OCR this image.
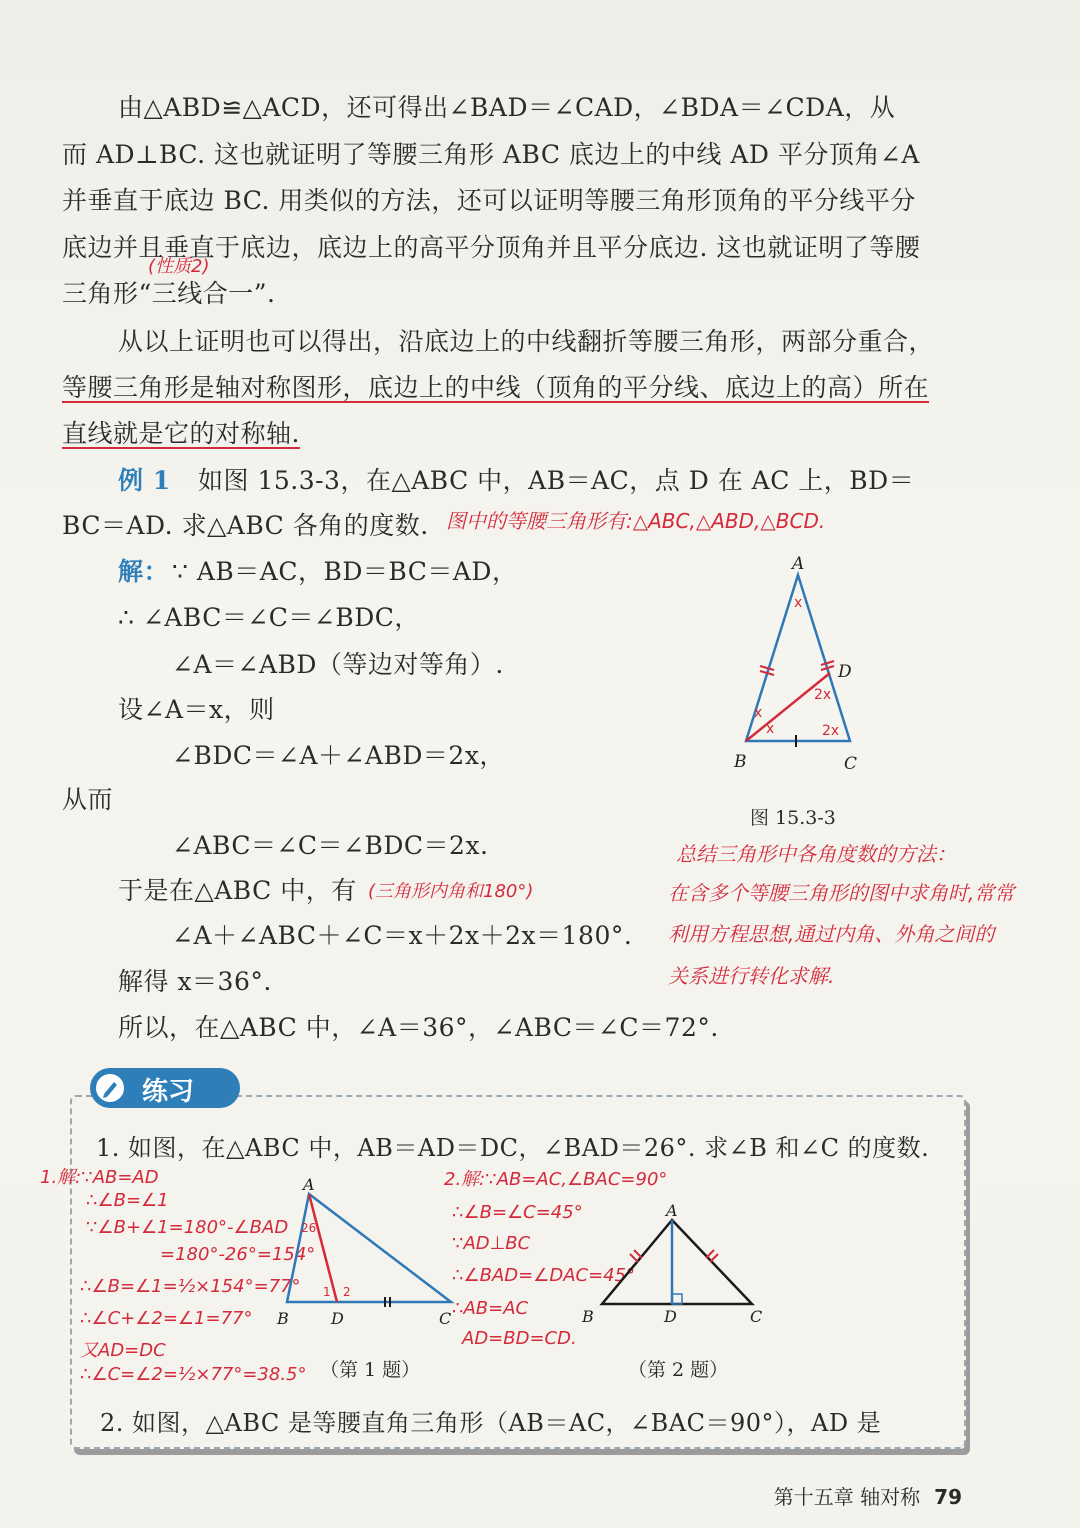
由△ABD≌△ACD，还可得出∠BAD＝∠CAD，∠BDA＝∠CDA，从
而 AD⊥BC. 这也就证明了等腰三角形 ABC 底边上的中线 AD 平分顶角∠A
并垂直于底边 BC. 用类似的方法，还可以证明等腰三角形顶角的平分线平分
底边并且垂直于底边，底边上的高平分顶角并且平分底边. 这也就证明了等腰
三角形“三线合一”.
(性质2)
从以上证明也可以得出，沿底边上的中线翻折等腰三角形，两部分重合，
等腰三角形是轴对称图形，底边上的中线（顶角的平分线、底边上的高）所在
直线就是它的对称轴.
例 1 如图 15.3-3，在△ABC 中，AB＝AC，点 D 在 AC 上，BD＝
BC＝AD. 求△ABC 各角的度数. 图中的等腰三角形有:△ABC,△ABD,△BCD.
解： ∵ AB＝AC，BD＝BC＝AD，
∴ ∠ABC＝∠C＝∠BDC，
∠A＝∠ABD（等边对等角）.
设∠A＝x，则
∠BDC＝∠A＋∠ABD＝2x，
从而
∠ABC＝∠C＝∠BDC＝2x.
于是在△ABC 中，有 (三角形内角和180°)
∠A＋∠ABC＋∠C＝x＋2x＋2x＝180°.
解得 x＝36°.
所以，在△ABC 中，∠A＝36°，∠ABC＝∠C＝72°.
A
B	C
D
x
x
x
2x
2x
图 15.3-3
总结三角形中各角度数的方法：
在含多个等腰三角形的图中求角时,常常
利用方程思想,通过内角、外角之间的
关系进行转化求解.
练习
1. 如图，在△ABC 中，AB＝AD＝DC，∠BAD＝26°. 求∠B 和∠C 的度数.
1.解:∵AB=AD
∴∠B=∠1
∵∠B+∠1=180°-∠BAD
=180°-26°=154°
∴∠B=∠1=½×154°=77°
∴∠C+∠2=∠1=77°
又AD=DC
∴∠C=∠2=½×77°=38.5°
A
B	D	C
26
1 2
（第 1 题）
2.解:∵AB=AC,∠BAC=90°
∴∠B=∠C=45°
∵AD⊥BC
∴∠BAD=∠DAC=45°
∴AB=AC
AD=BD=CD.
A
B	D	C
（第 2 题）
2. 如图，△ABC 是等腰直角三角形（AB＝AC，∠BAC＝90°），AD 是
第十五章 轴对称 79
